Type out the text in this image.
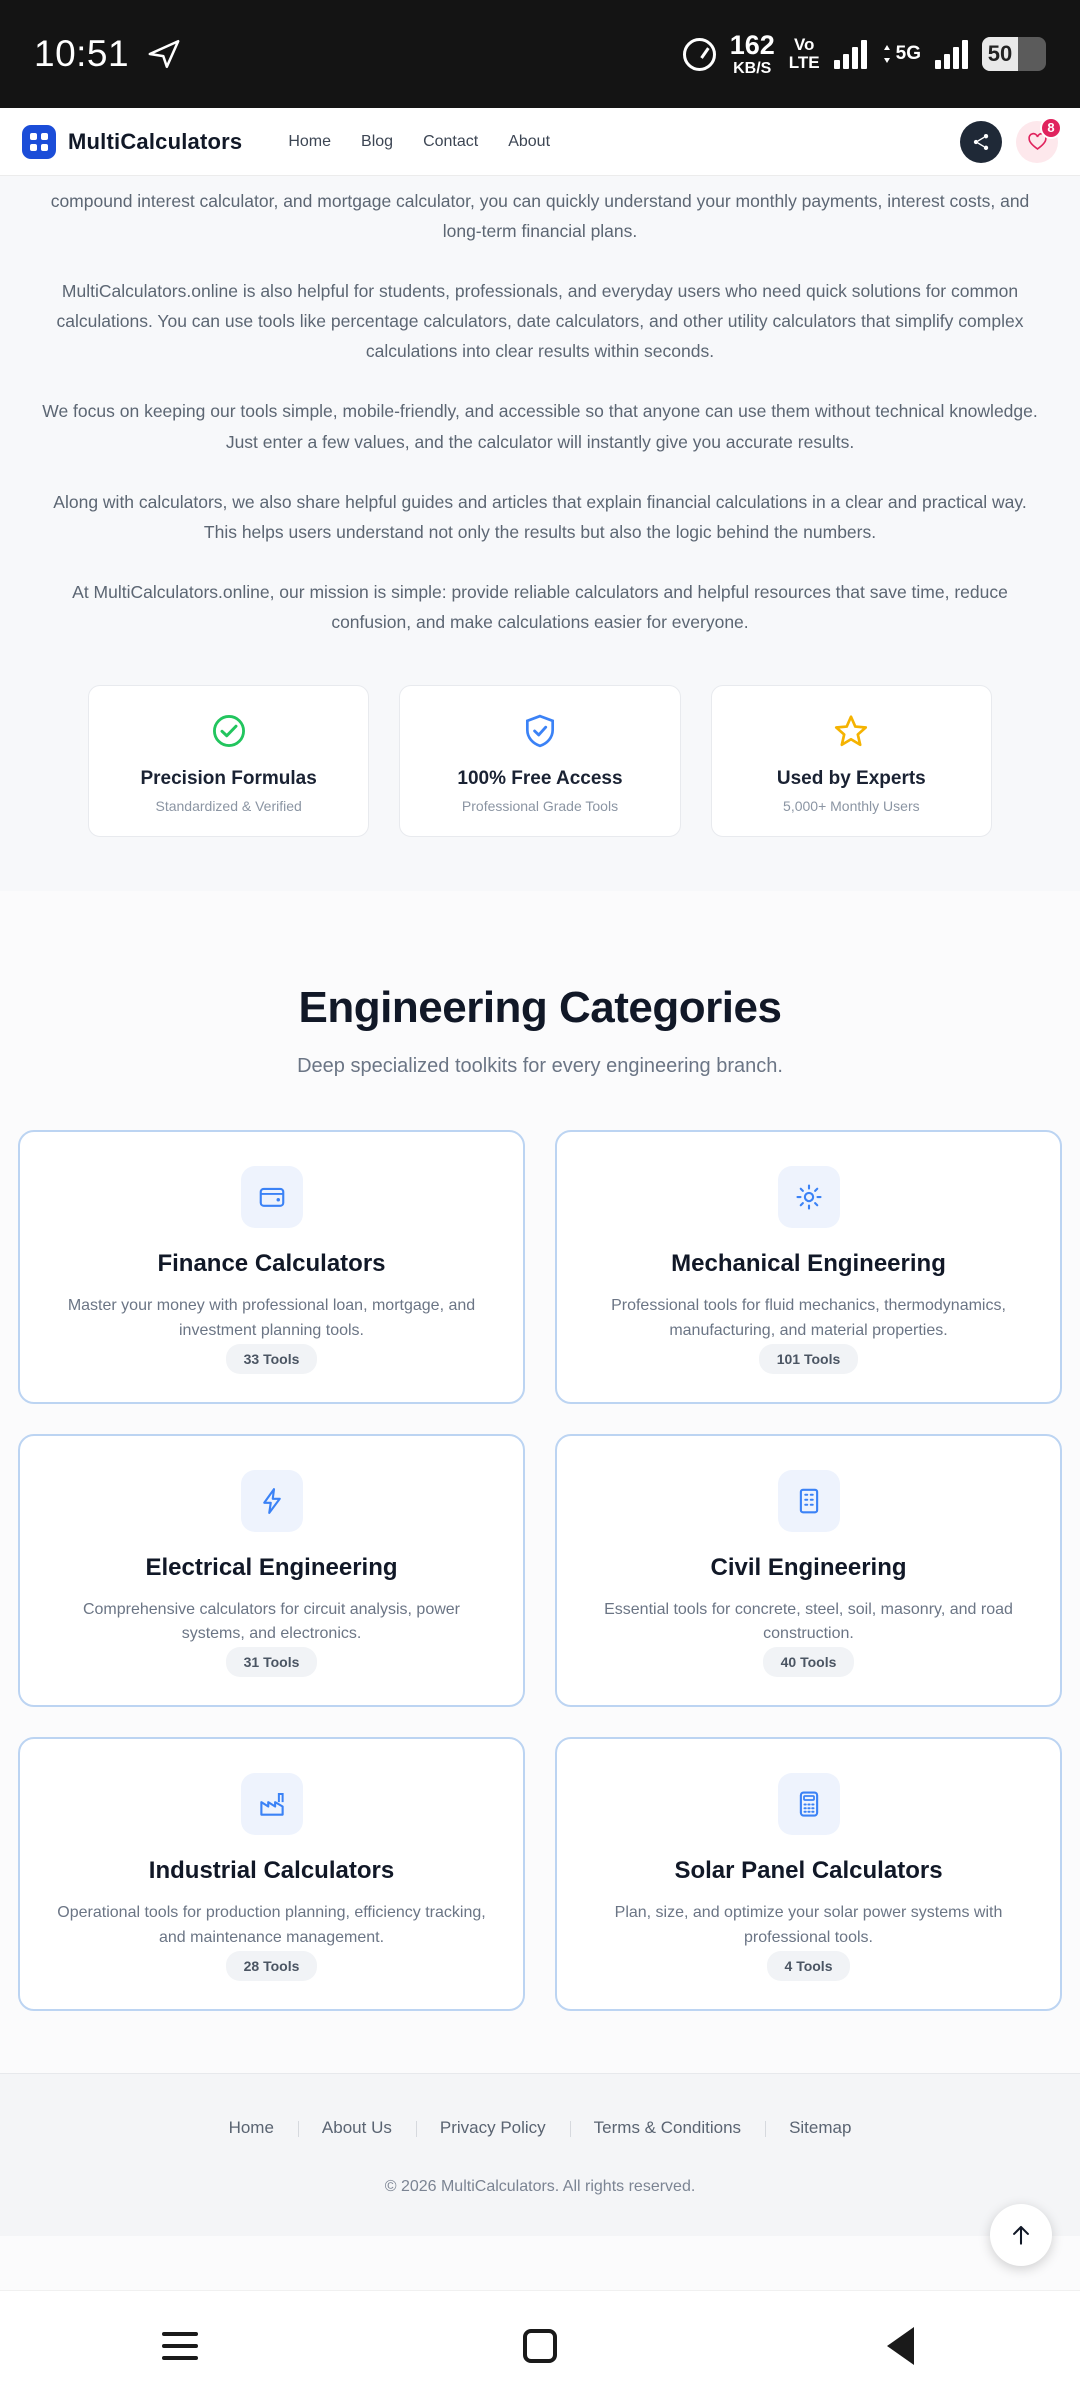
10:51	162
KB/S
Vo
LTE	5G	50
MultiCalculators	Home Blog Contact About
8

compound interest calculator, and mortgage calculator, you can quickly understand your monthly payments, interest costs, and long-term financial plans.

MultiCalculators.online is also helpful for students, professionals, and everyday users who need quick solutions for common calculations. You can use tools like percentage calculators, date calculators, and other utility calculators that simplify complex calculations into clear results within seconds.

We focus on keeping our tools simple, mobile-friendly, and accessible so that anyone can use them without technical knowledge. Just enter a few values, and the calculator will instantly give you accurate results.

Along with calculators, we also share helpful guides and articles that explain financial calculations in a clear and practical way. This helps users understand not only the results but also the logic behind the numbers.

At MultiCalculators.online, our mission is simple: provide reliable calculators and helpful resources that save time, reduce confusion, and make calculations easier for everyone.

Precision Formulas
Standardized & Verified
100% Free Access
Professional Grade Tools
Used by Experts
5,000+ Monthly Users
Engineering Categories
Deep specialized toolkits for every engineering branch.
Finance Calculators
Master your money with professional loan, mortgage, and investment planning tools.
33 Tools
Mechanical Engineering
Professional tools for fluid mechanics, thermodynamics, manufacturing, and material properties.
101 Tools
Electrical Engineering
Comprehensive calculators for circuit analysis, power systems, and electronics.
31 Tools
Civil Engineering
Essential tools for concrete, steel, soil, masonry, and road construction.
40 Tools
Industrial Calculators
Operational tools for production planning, efficiency tracking, and maintenance management.
28 Tools
Solar Panel Calculators
Plan, size, and optimize your solar power systems with professional tools.
4 Tools
Home	About Us	Privacy Policy	Terms & Conditions	Sitemap
© 2026 MultiCalculators. All rights reserved.
